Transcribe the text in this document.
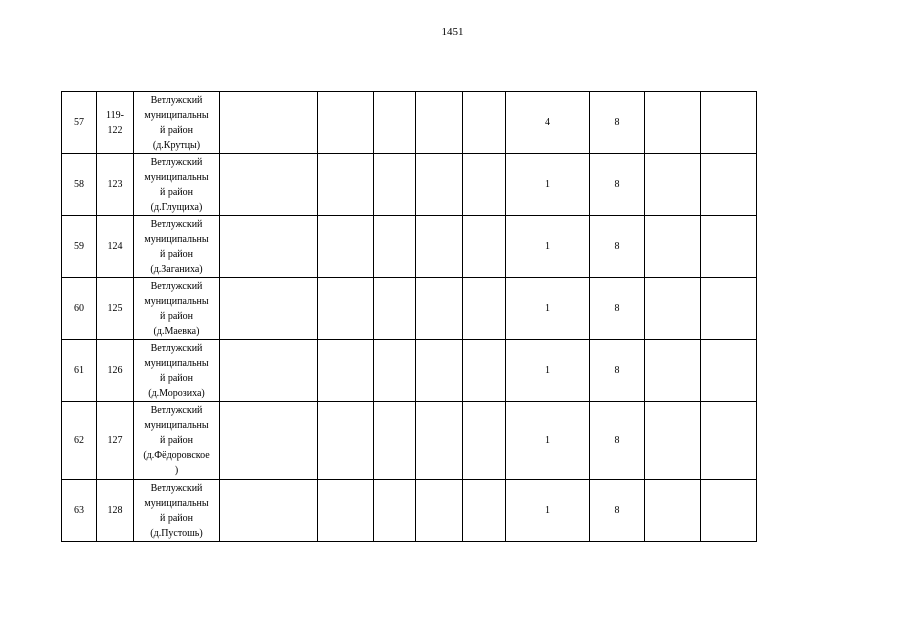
1451
57	119-
122	Ветлужский
муниципальны
й район
(д.Крутцы)						4	8		
58	123	Ветлужский
муниципальны
й район
(д.Глущиха)						1	8		
59	124	Ветлужский
муниципальны
й район
(д.Заганиха)						1	8		
60	125	Ветлужский
муниципальны
й район
(д.Маевка)						1	8		
61	126	Ветлужский
муниципальны
й район
(д.Морозиха)						1	8		
62	127	Ветлужский
муниципальны
й район
(д.Фёдоровское
)						1	8		
63	128	Ветлужский
муниципальны
й район
(д.Пустошь)						1	8		
